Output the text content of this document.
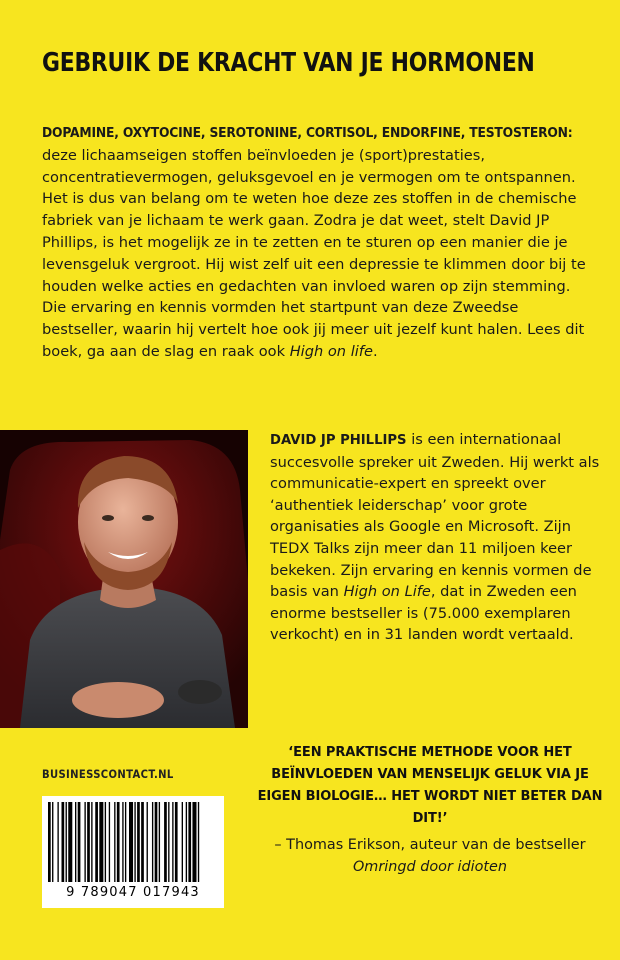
GEBRUIK DE KRACHT VAN JE HORMONEN
DOPAMINE, OXYTOCINE, SEROTONINE, CORTISOL, ENDORFINE, TESTOSTERON:
deze lichaamseigen stoffen beïnvloeden je (sport)prestaties, concentratievermogen, geluksgevoel en je vermogen om te ontspannen. Het is dus van belang om te weten hoe deze zes stoffen in de chemische fabriek van je lichaam te werk gaan. Zodra je dat weet, stelt David JP Phillips, is het mogelijk ze in te zetten en te sturen op een manier die je levensgeluk vergroot. Hij wist zelf uit een depressie te klimmen door bij te houden welke acties en gedachten van invloed waren op zijn stemming. Die ervaring en kennis vormden het startpunt van deze Zweedse bestseller, waarin hij vertelt hoe ook jij meer uit jezelf kunt halen. Lees dit boek, ga aan de slag en raak ook High on life.
DAVID JP PHILLIPS is een internationaal succesvolle spreker uit Zweden. Hij werkt als communicatie-expert en spreekt over ‘authentiek leiderschap’ voor grote organisaties als Google en Microsoft. Zijn TEDX Talks zijn meer dan 11 miljoen keer bekeken. Zijn ervaring en kennis vormen de basis van High on Life, dat in Zweden een enorme bestseller is (75.000 exemplaren verkocht) en in 31 landen wordt vertaald.
BUSINESSCONTACT.NL
9 789047 017943
‘EEN PRAKTISCHE METHODE VOOR HET BEÏNVLOEDEN VAN MENSELIJK GELUK VIA JE EIGEN BIOLOGIE… HET WORDT NIET BETER DAN DIT!’
– Thomas Erikson, auteur van de bestseller Omringd door idioten
